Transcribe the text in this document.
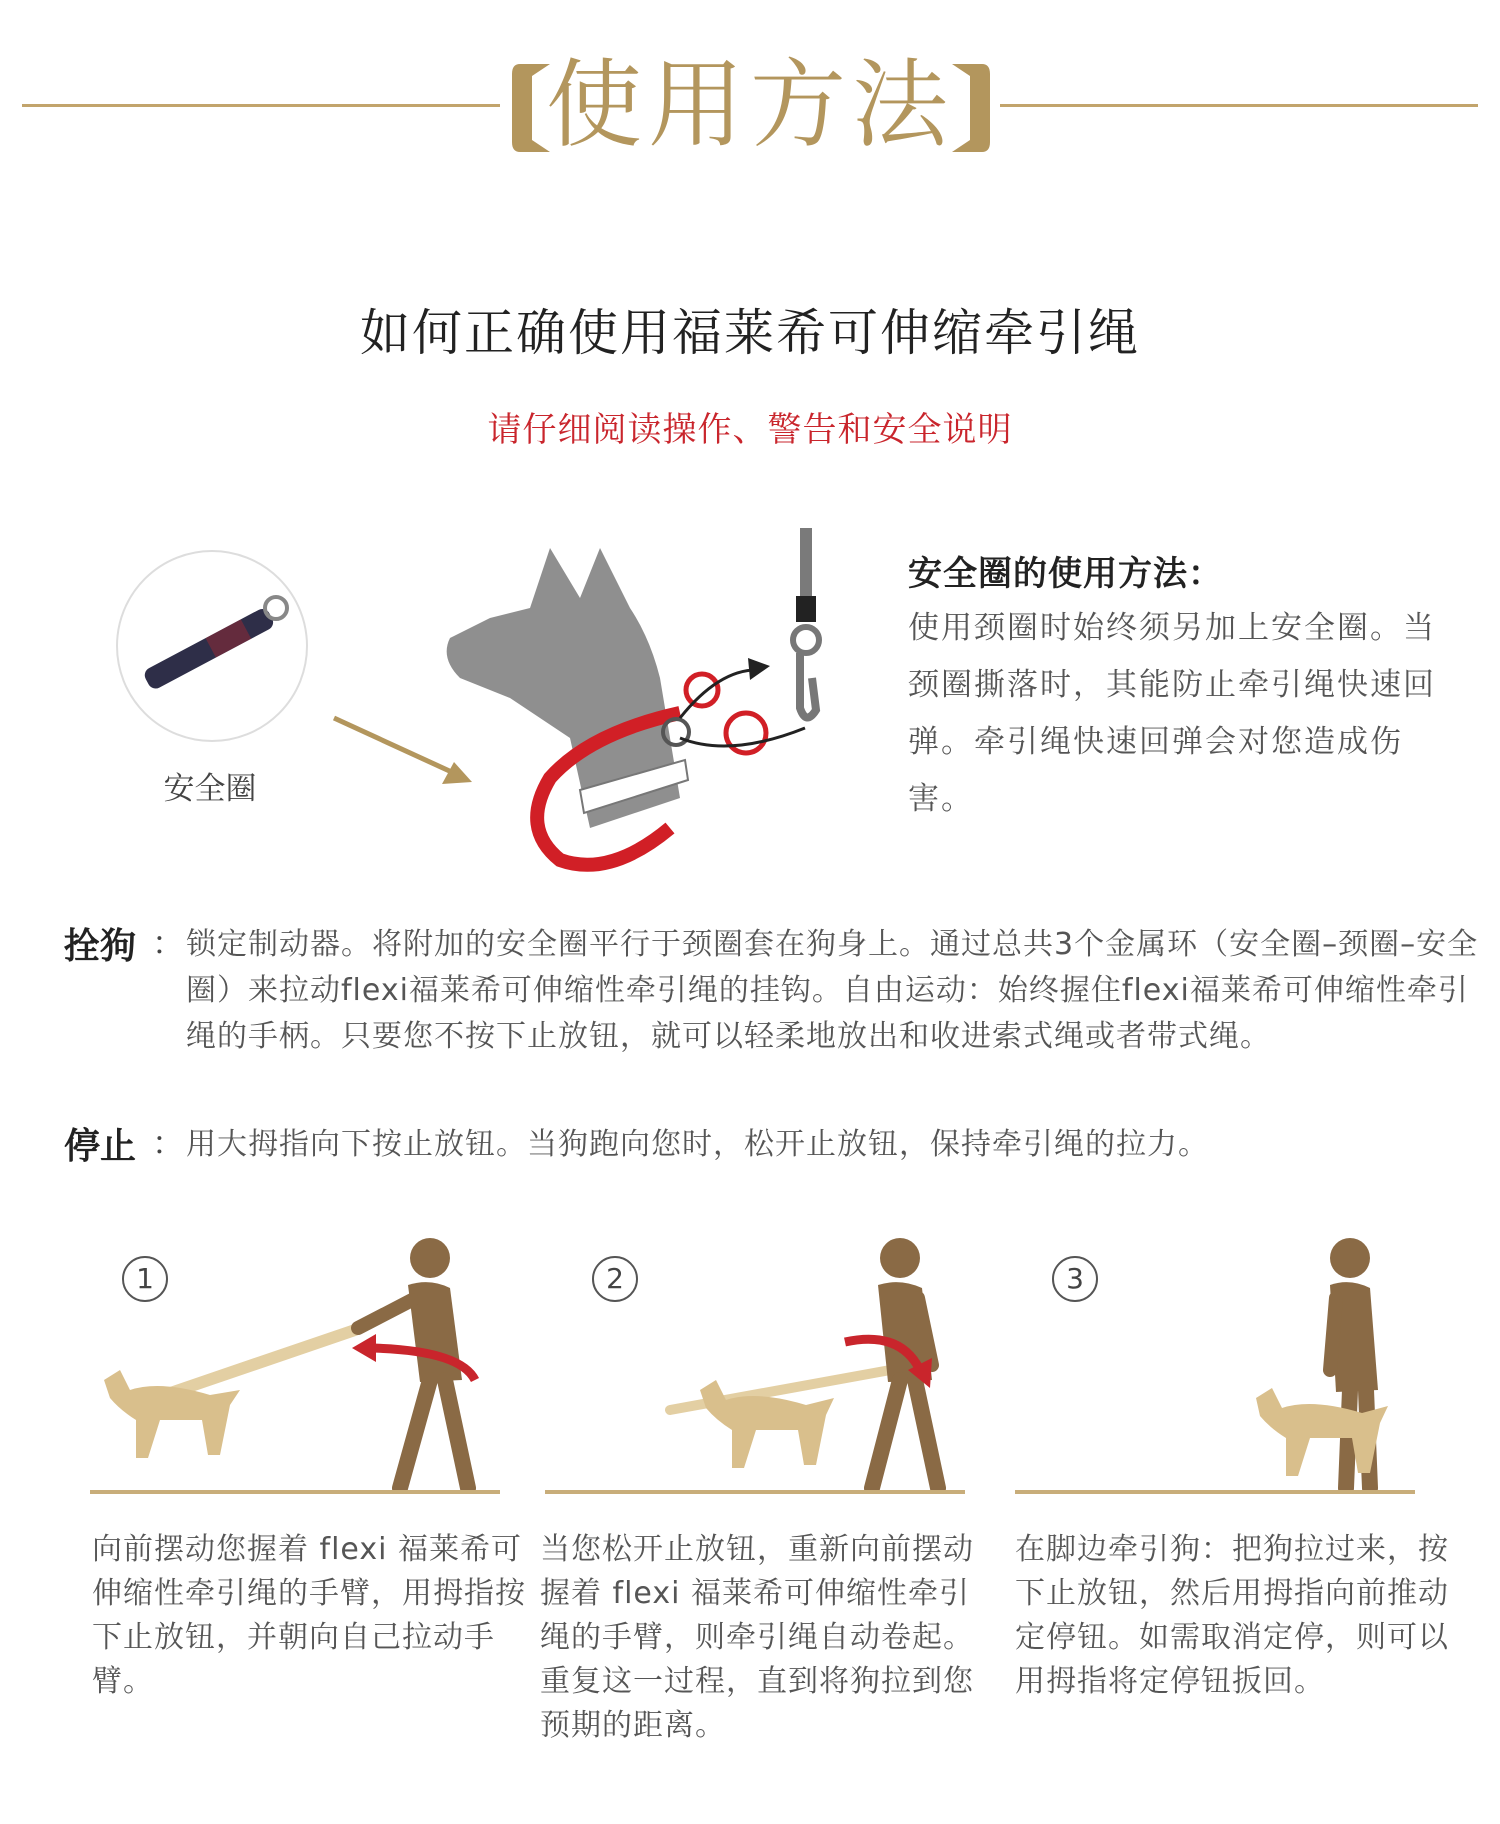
使用方法
如何正确使用福莱希可伸缩牵引绳
请仔细阅读操作、警告和安全说明
安全圈
安全圈的使用方法：
使用颈圈时始终须另加上安全圈。当颈圈撕落时，其能防止牵引绳快速回弹。牵引绳快速回弹会对您造成伤害。
拴狗 ： 锁定制动器。将附加的安全圈平行于颈圈套在狗身上。通过总共3个金属环（安全圈–颈圈–安全圈）来拉动flexi福莱希可伸缩性牵引绳的挂钩。自由运动：始终握住flexi福莱希可伸缩性牵引绳的手柄。只要您不按下止放钮，就可以轻柔地放出和收进索式绳或者带式绳。
停止 ： 用大拇指向下按止放钮。当狗跑向您时，松开止放钮，保持牵引绳的拉力。
1
向前摆动您握着 flexi 福莱希可伸缩性牵引绳的手臂，用拇指按下止放钮，并朝向自己拉动手臂。
2
当您松开止放钮，重新向前摆动握着 flexi 福莱希可伸缩性牵引绳的手臂，则牵引绳自动卷起。重复这一过程，直到将狗拉到您预期的距离。
3
在脚边牵引狗：把狗拉过来，按下止放钮，然后用拇指向前推动定停钮。如需取消定停，则可以用拇指将定停钮扳回。
